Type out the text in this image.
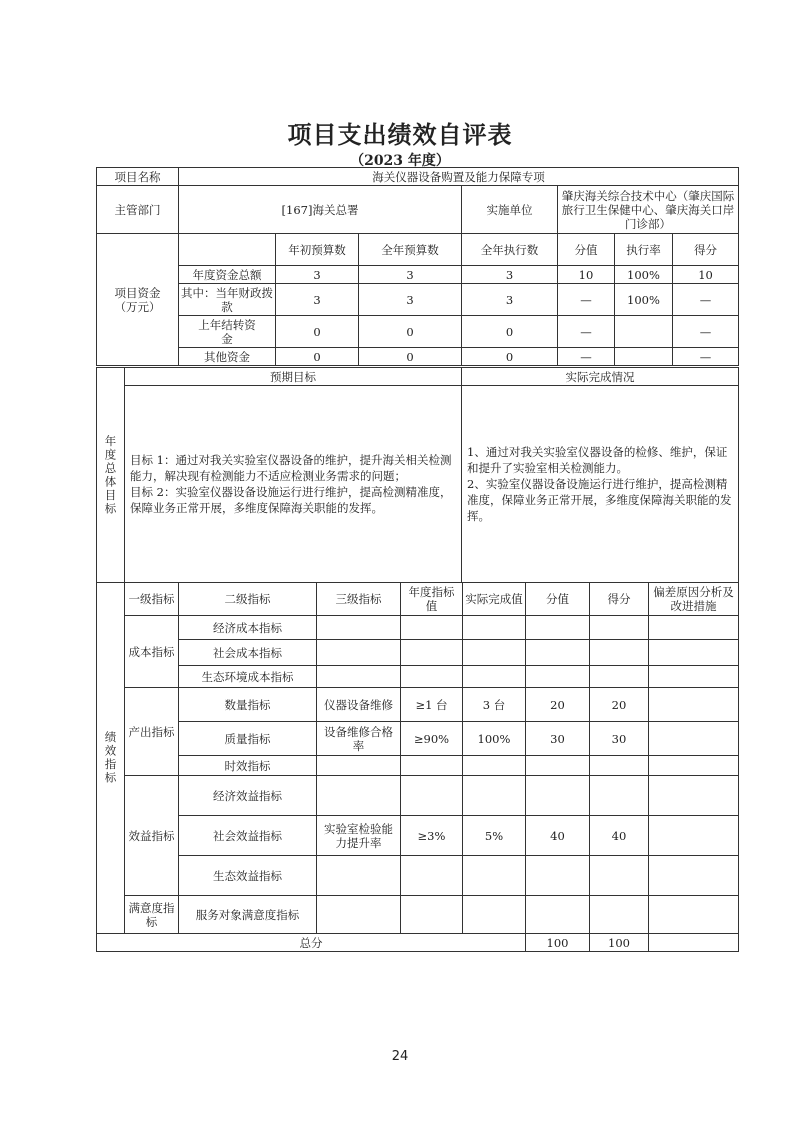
项目支出绩效自评表
（2023 年度）
项目名称	海关仪器设备购置及能力保障专项						
主管部门	[167]海关总署			实施单位	肇庆海关综合技术中心（肇庆国际旅行卫生保健中心、肇庆海关口岸门诊部）		
项目资金（万元）		年初预算数	全年预算数	全年执行数	分值	执行率	得分
	年度资金总额	3	3	3	10	100%	10
	其中：当年财政拨款	3	3	3	—	100%	—
	上年结转资金	0	0	0	—		—
	其他资金	0	0	0	—		—
年度总体目标	预期目标	实际完成情况
	目标 1：通过对我关实验室仪器设备的维护，提升海关相关检测能力，解决现有检测能力不适应检测业务需求的问题；
目标 2：实验室仪器设备设施运行进行维护，提高检测精准度，保障业务正常开展，多维度保障海关职能的发挥。	1、通过对我关实验室仪器设备的检修、维护，保证和提升了实验室相关检测能力。
2、实验室仪器设备设施运行进行维护，提高检测精准度，保障业务正常开展，多维度保障海关职能的发挥。
绩效指标	一级指标	二级指标	三级指标	年度指标值	实际完成值	分值	得分	偏差原因分析及改进措施
	成本指标	经济成本指标						
		社会成本指标						
		生态环境成本指标						
	产出指标	数量指标	仪器设备维修	≥1 台	3 台	20	20	
		质量指标	设备维修合格率	≥90%	100%	30	30	
		时效指标						
	效益指标	经济效益指标						
		社会效益指标	实验室检验能力提升率	≥3%	5%	40	40	
		生态效益指标						
	满意度指标	服务对象满意度指标						
总分						100	100	
24
